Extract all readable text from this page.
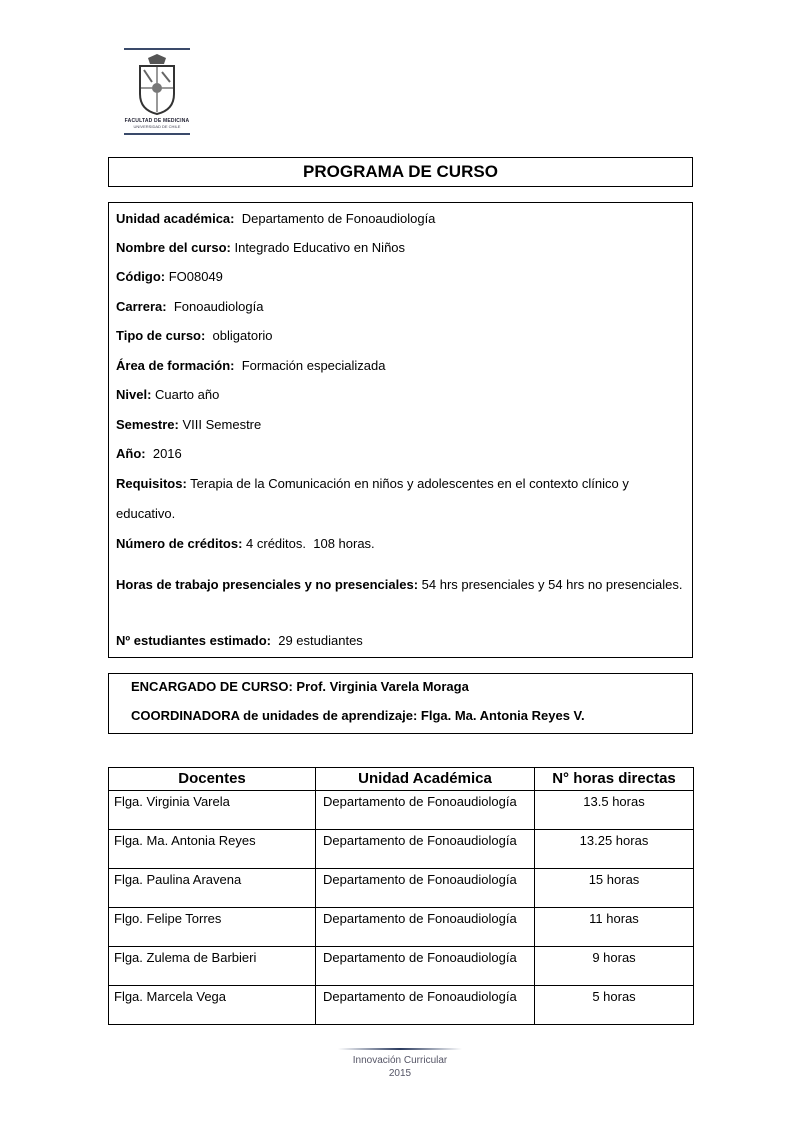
FACULTAD DE MEDICINA
UNIVERSIDAD DE CHILE
PROGRAMA DE CURSO
Unidad académica:  Departamento de Fonoaudiología
Nombre del curso: Integrado Educativo en Niños
Código: FO08049
Carrera:  Fonoaudiología
Tipo de curso:  obligatorio
Área de formación:  Formación especializada
Nivel: Cuarto año
Semestre: VIII Semestre
Año:  2016
Requisitos: Terapia de la Comunicación en niños y adolescentes en el contexto clínico y
educativo.
Número de créditos: 4 créditos.  108 horas.
Horas de trabajo presenciales y no presenciales: 54 hrs presenciales y 54 hrs no presenciales.
Nº estudiantes estimado:  29 estudiantes
ENCARGADO DE CURSO: Prof. Virginia Varela Moraga
COORDINADORA de unidades de aprendizaje: Flga. Ma. Antonia Reyes V.
Docentes	Unidad Académica	N° horas directas
Flga. Virginia Varela	Departamento de Fonoaudiología	13.5 horas
Flga. Ma. Antonia Reyes	Departamento de Fonoaudiología	13.25 horas
Flga. Paulina Aravena	Departamento de Fonoaudiología	15 horas
Flgo. Felipe Torres	Departamento de Fonoaudiología	11 horas
Flga. Zulema de Barbieri	Departamento de Fonoaudiología	9 horas
Flga. Marcela Vega	Departamento de Fonoaudiología	5 horas
Innovación Curricular
2015
